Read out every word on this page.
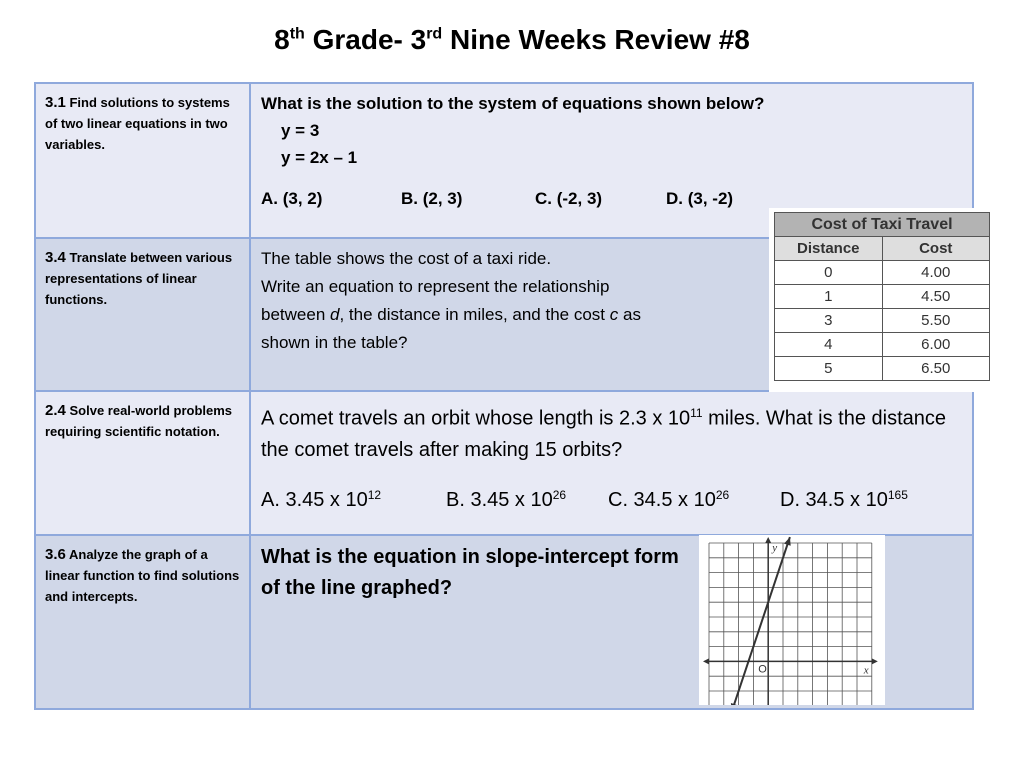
8th Grade- 3rd Nine Weeks Review #8
3.1 Find solutions to systems of two linear equations in two variables.	What is the solution to the system of equations shown below?
y = 3
y = 2x – 1
A. (3, 2) B. (2, 3) C. (-2, 3) D. (3, -2)

3.4 Translate between various representations of linear functions.	The table shows the cost of a taxi ride.
Write an equation to represent the relationship
between d, the distance in miles, and the cost c as
shown in the table?

2.4 Solve real-world problems requiring scientific notation.	A comet travels an orbit whose length is 2.3 x $10^{11}$ miles. What is the distance the comet travels after making 15 orbits?
A. 3.45 x $10^{12}$ B. 3.45 x $10^{26}$ C. 34.5 x $10^{26}$ D. 34.5 x $10^{165}$

3.6 Analyze the graph of a linear function to find solutions and intercepts.	What is the equation in slope-intercept form of the line graphed?
Cost of Taxi Travel	
Distance	Cost
0	4.00
1	4.50
3	5.50
4	6.00
5	6.50
y
x
O
